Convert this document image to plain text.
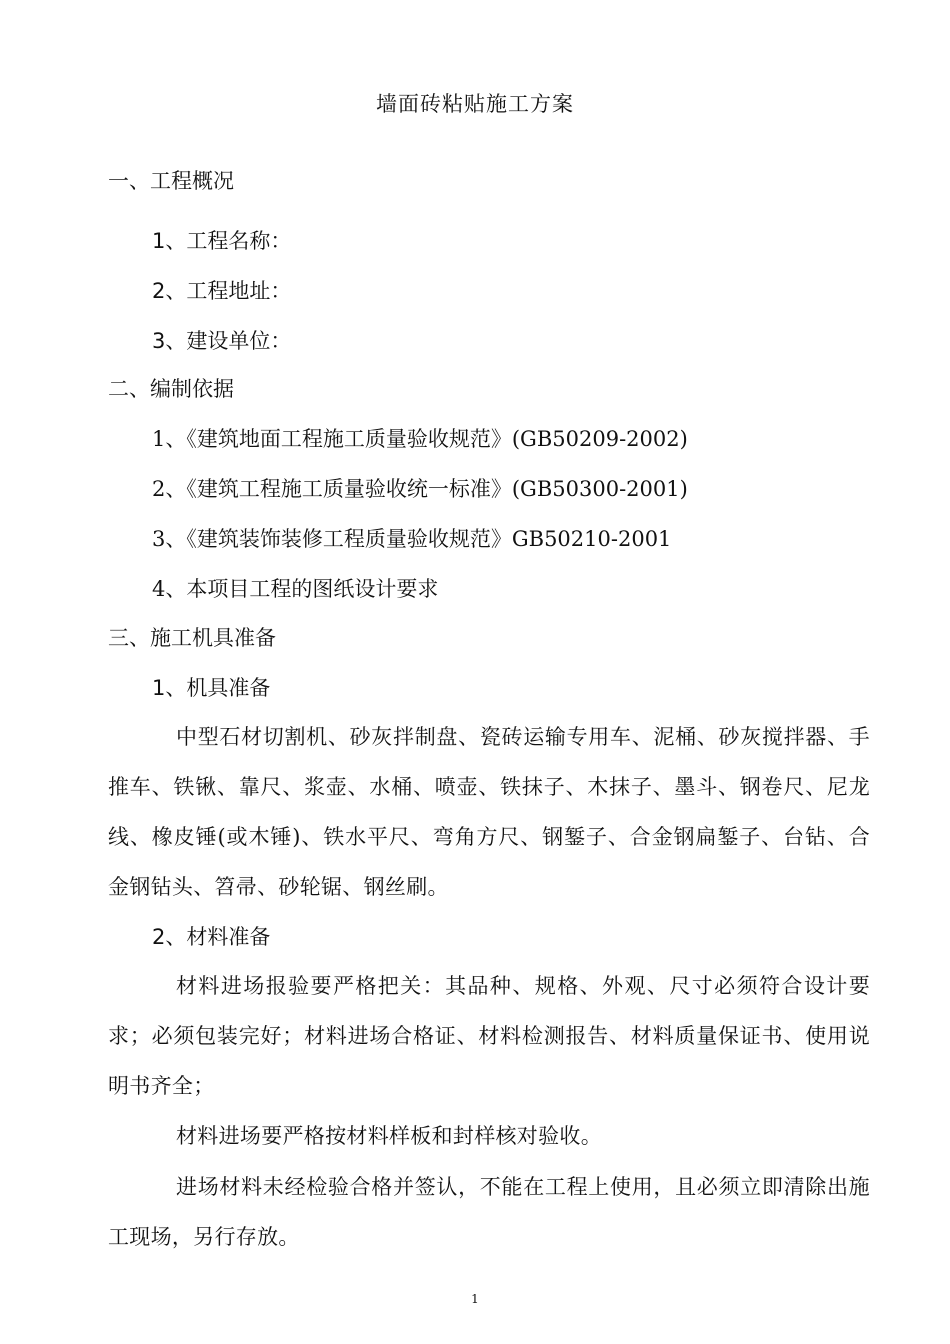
墙面砖粘贴施工方案
一、工程概况
1、工程名称：
2、工程地址：
3、建设单位：
二、编制依据
1、《建筑地面工程施工质量验收规范》(GB50209-2002)
2、《建筑工程施工质量验收统一标准》(GB50300-2001)
3、《建筑装饰装修工程质量验收规范》GB50210-2001
4、本项目工程的图纸设计要求
三、施工机具准备
1、机具准备
中型石材切割机、砂灰拌制盘、瓷砖运输专用车、泥桶、砂灰搅拌器、手推车、铁锹、靠尺、浆壶、水桶、喷壶、铁抹子、木抹子、墨斗、钢卷尺、尼龙线、橡皮锤(或木锤)、铁水平尺、弯角方尺、钢錾子、合金钢扁錾子、台钻、合金钢钻头、笤帚、砂轮锯、钢丝刷。
2、材料准备
材料进场报验要严格把关：其品种、规格、外观、尺寸必须符合设计要求；必须包装完好；材料进场合格证、材料检测报告、材料质量保证书、使用说明书齐全；
材料进场要严格按材料样板和封样核对验收。
进场材料未经检验合格并签认，不能在工程上使用，且必须立即清除出施工现场，另行存放。
1
